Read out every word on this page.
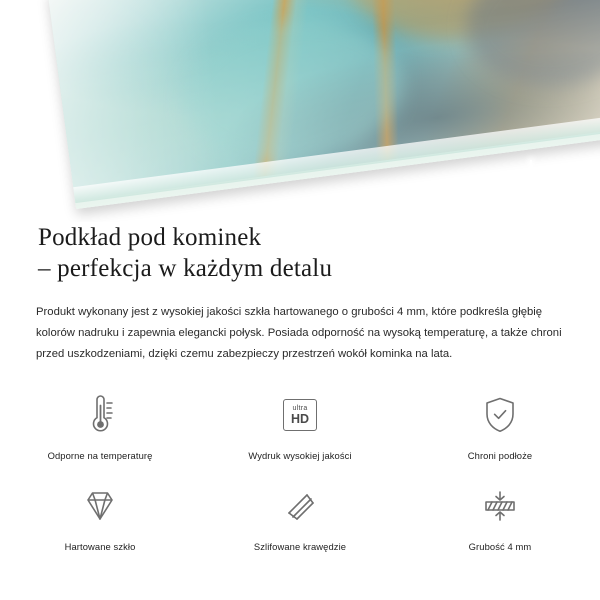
Podkład pod kominek
– perfekcja w każdym detalu

Produkt wykonany jest z wysokiej jakości szkła hartowanego o grubości 4 mm, które podkreśla głębię kolorów nadruku i zapewnia elegancki połysk. Posiada odporność na wysoką temperaturę, a także chroni przed uszkodzeniami, dzięki czemu zabezpieczy przestrzeń wokół kominka na lata.

Odporne na temperaturę
ultra
HD
Wydruk wysokiej jakości	Chroni podłoże
Hartowane szkło	Szlifowane krawędzie	Grubość 4 mm
